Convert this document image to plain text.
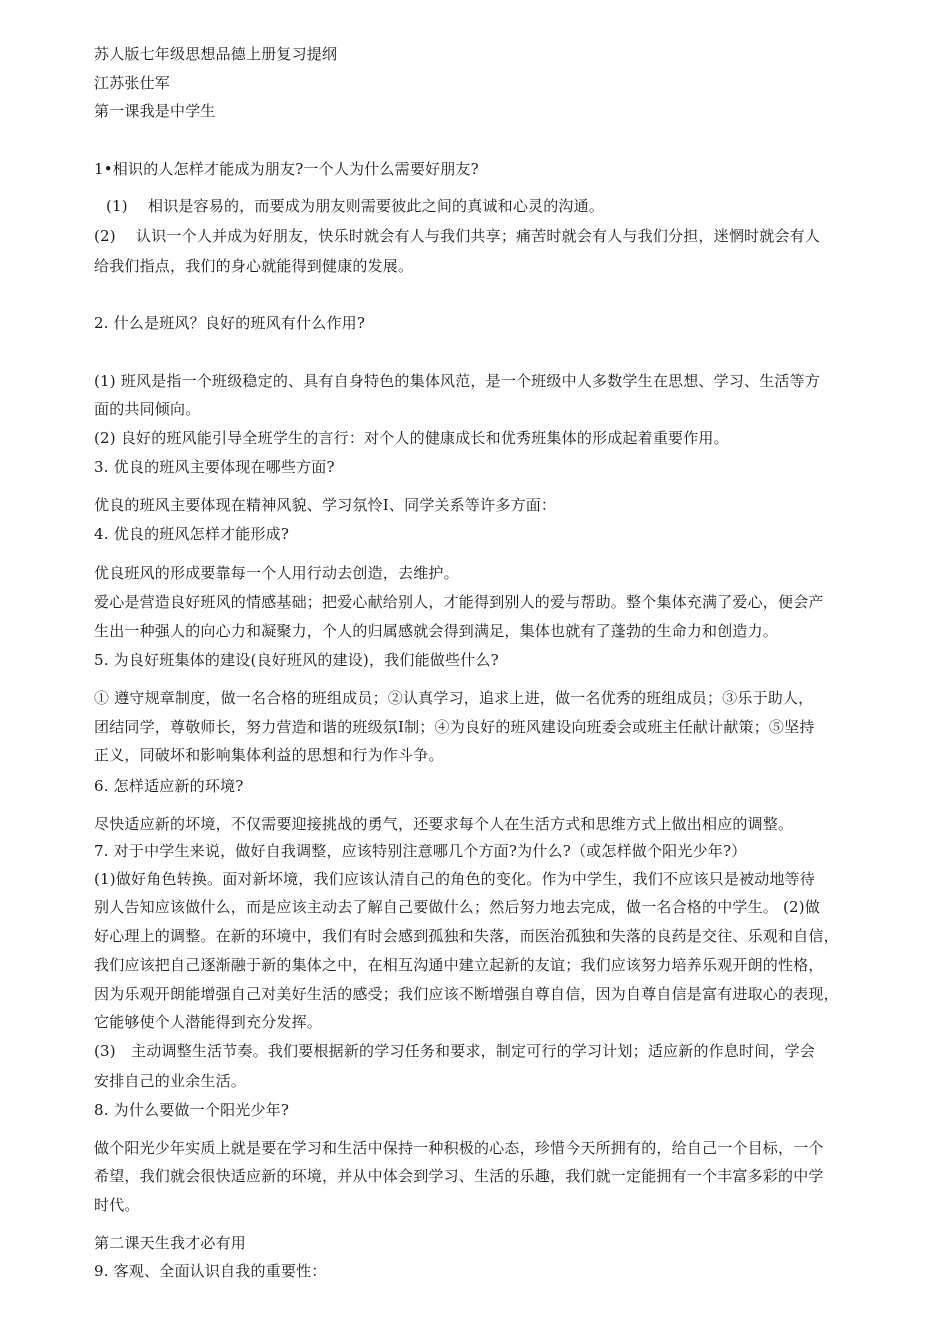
苏人版七年级思想品德上册复习提纲
江苏张仕军
第一课我是中学生
1•相识的人怎样才能成为朋友?一个人为什么需要好朋友?
(1)　 相识是容易的，而要成为朋友则需要彼此之间的真诚和心灵的沟通。
(2)　 认识一个人并成为好朋友，快乐时就会有人与我们共享；痛苦时就会有人与我们分担，迷惘时就会有人
给我们指点，我们的身心就能得到健康的发展。
2. 什么是班风？良好的班风有什么作用?
(1) 班风是指一个班级稳定的、具有自身特色的集体风范，是一个班级中人多数学生在思想、学习、生活等方
面的共同倾向。
(2) 良好的班风能引导全班学生的言行：对个人的健康成长和优秀班集体的形成起着重要作用。
3. 优良的班风主要体现在哪些方面?
优良的班风主要体现在精神风貌、学习氛怜I、同学关系等许多方面：
4. 优良的班风怎样才能形成?
优良班风的形成要靠每一个人用行动去创造，去维护。
爱心是营造良好班风的情感基础；把爱心献给别人，才能得到别人的爱与帮助。整个集体充满了爱心，便会产
生出一种强人的向心力和凝聚力，个人的归属感就会得到满足，集体也就有了蓬勃的生命力和创造力。
5. 为良好班集体的建设(良好班风的建设)，我们能做些什么?
① 遵守规章制度，做一名合格的班组成员；②认真学习，追求上进，做一名优秀的班组成员；③乐于助人，
团结同学，尊敬师长，努力营造和谐的班级氛I制；④为良好的班风建设向班委会或班主任献计献策；⑤坚持
正义，同破坏和影响集体利益的思想和行为作斗争。
6. 怎样适应新的环境?
尽快适应新的坏境，不仅需要迎接挑战的勇气，还要求每个人在生活方式和思维方式上做出相应的调整。
7. 对于中学生来说，做好自我调整，应该特别注意哪几个方面?为什么?（或怎样做个阳光少年?）
(1)做好角色转换。面对新坏境，我们应该认清自己的角色的变化。作为中学生，我们不应该只是被动地等待
别人告知应该做什么，而是应该主动去了解自己要做什么；然后努力地去完成，做一名合格的中学生。 (2)做
好心理上的调整。在新的环境中，我们有时会感到孤独和失落，而医治孤独和失落的良药是交往、乐观和自信，
我们应该把自己逐渐融于新的集体之中，在相互沟通中建立起新的友谊；我们应该努力培养乐观开朗的性格，
因为乐观开朗能增强自己对美好生活的感受；我们应该不断增强自尊自信，因为自尊自信是富有进取心的表现，
它能够使个人潜能得到充分发挥。
(3)　主动调整生活节奏。我们要根据新的学习任务和要求，制定可行的学习计划；适应新的作息时间，学会
安排自己的业余生活。
8. 为什么要做一个阳光少年?
做个阳光少年实质上就是要在学习和生活中保持一种积极的心态，珍惜今天所拥有的，给自己一个目标，一个
希望，我们就会很快适应新的环境，并从中体会到学习、生活的乐趣，我们就一定能拥有一个丰富多彩的中学
时代。
第二课天生我才必有用
9. 客观、全面认识自我的重要性：
